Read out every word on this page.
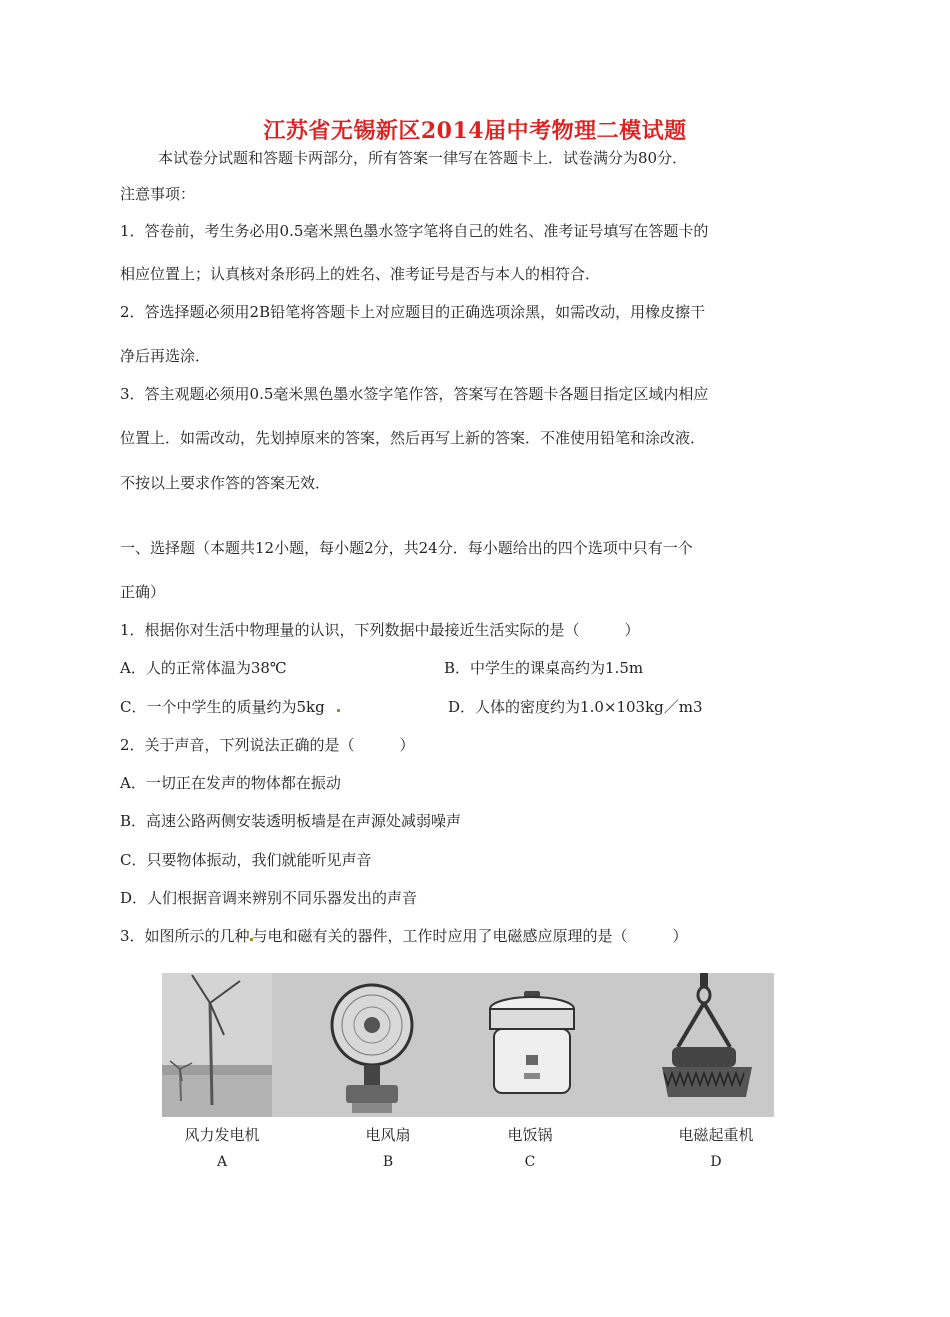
江苏省无锡新区2014届中考物理二模试题
本试卷分试题和答题卡两部分，所有答案一律写在答题卡上．试卷满分为80分．
注意事项：
1．答卷前，考生务必用0.5毫米黑色墨水签字笔将自己的姓名、准考证号填写在答题卡的
相应位置上；认真核对条形码上的姓名、准考证号是否与本人的相符合．
2．答选择题必须用2B铅笔将答题卡上对应题目的正确选项涂黑，如需改动，用橡皮擦干
净后再选涂．
3．答主观题必须用0.5毫米黑色墨水签字笔作答，答案写在答题卡各题目指定区域内相应
位置上．如需改动，先划掉原来的答案，然后再写上新的答案．不准使用铅笔和涂改液．
不按以上要求作答的答案无效．
一、选择题（本题共12小题，每小题2分，共24分．每小题给出的四个选项中只有一个
正确）
1．根据你对生活中物理量的认识，下列数据中最接近生活实际的是（　　　）
A．人的正常体温为38℃	B．中学生的课桌高约为1.5m
C．一个中学生的质量约为5kg	D．人体的密度约为1.0×103kg／m3
2．关于声音，下列说法正确的是（　　　）
A．一切正在发声的物体都在振动
B．高速公路两侧安装透明板墙是在声源处减弱噪声
C．只要物体振动，我们就能听见声音
D．人们根据音调来辨别不同乐器发出的声音
3．如图所示的几种 与电和磁有关的器件，工作时应用了电磁感应原理的是（　　　）
风力发电机	电风扇	电饭锅	电磁起重机
A	B	C	D
